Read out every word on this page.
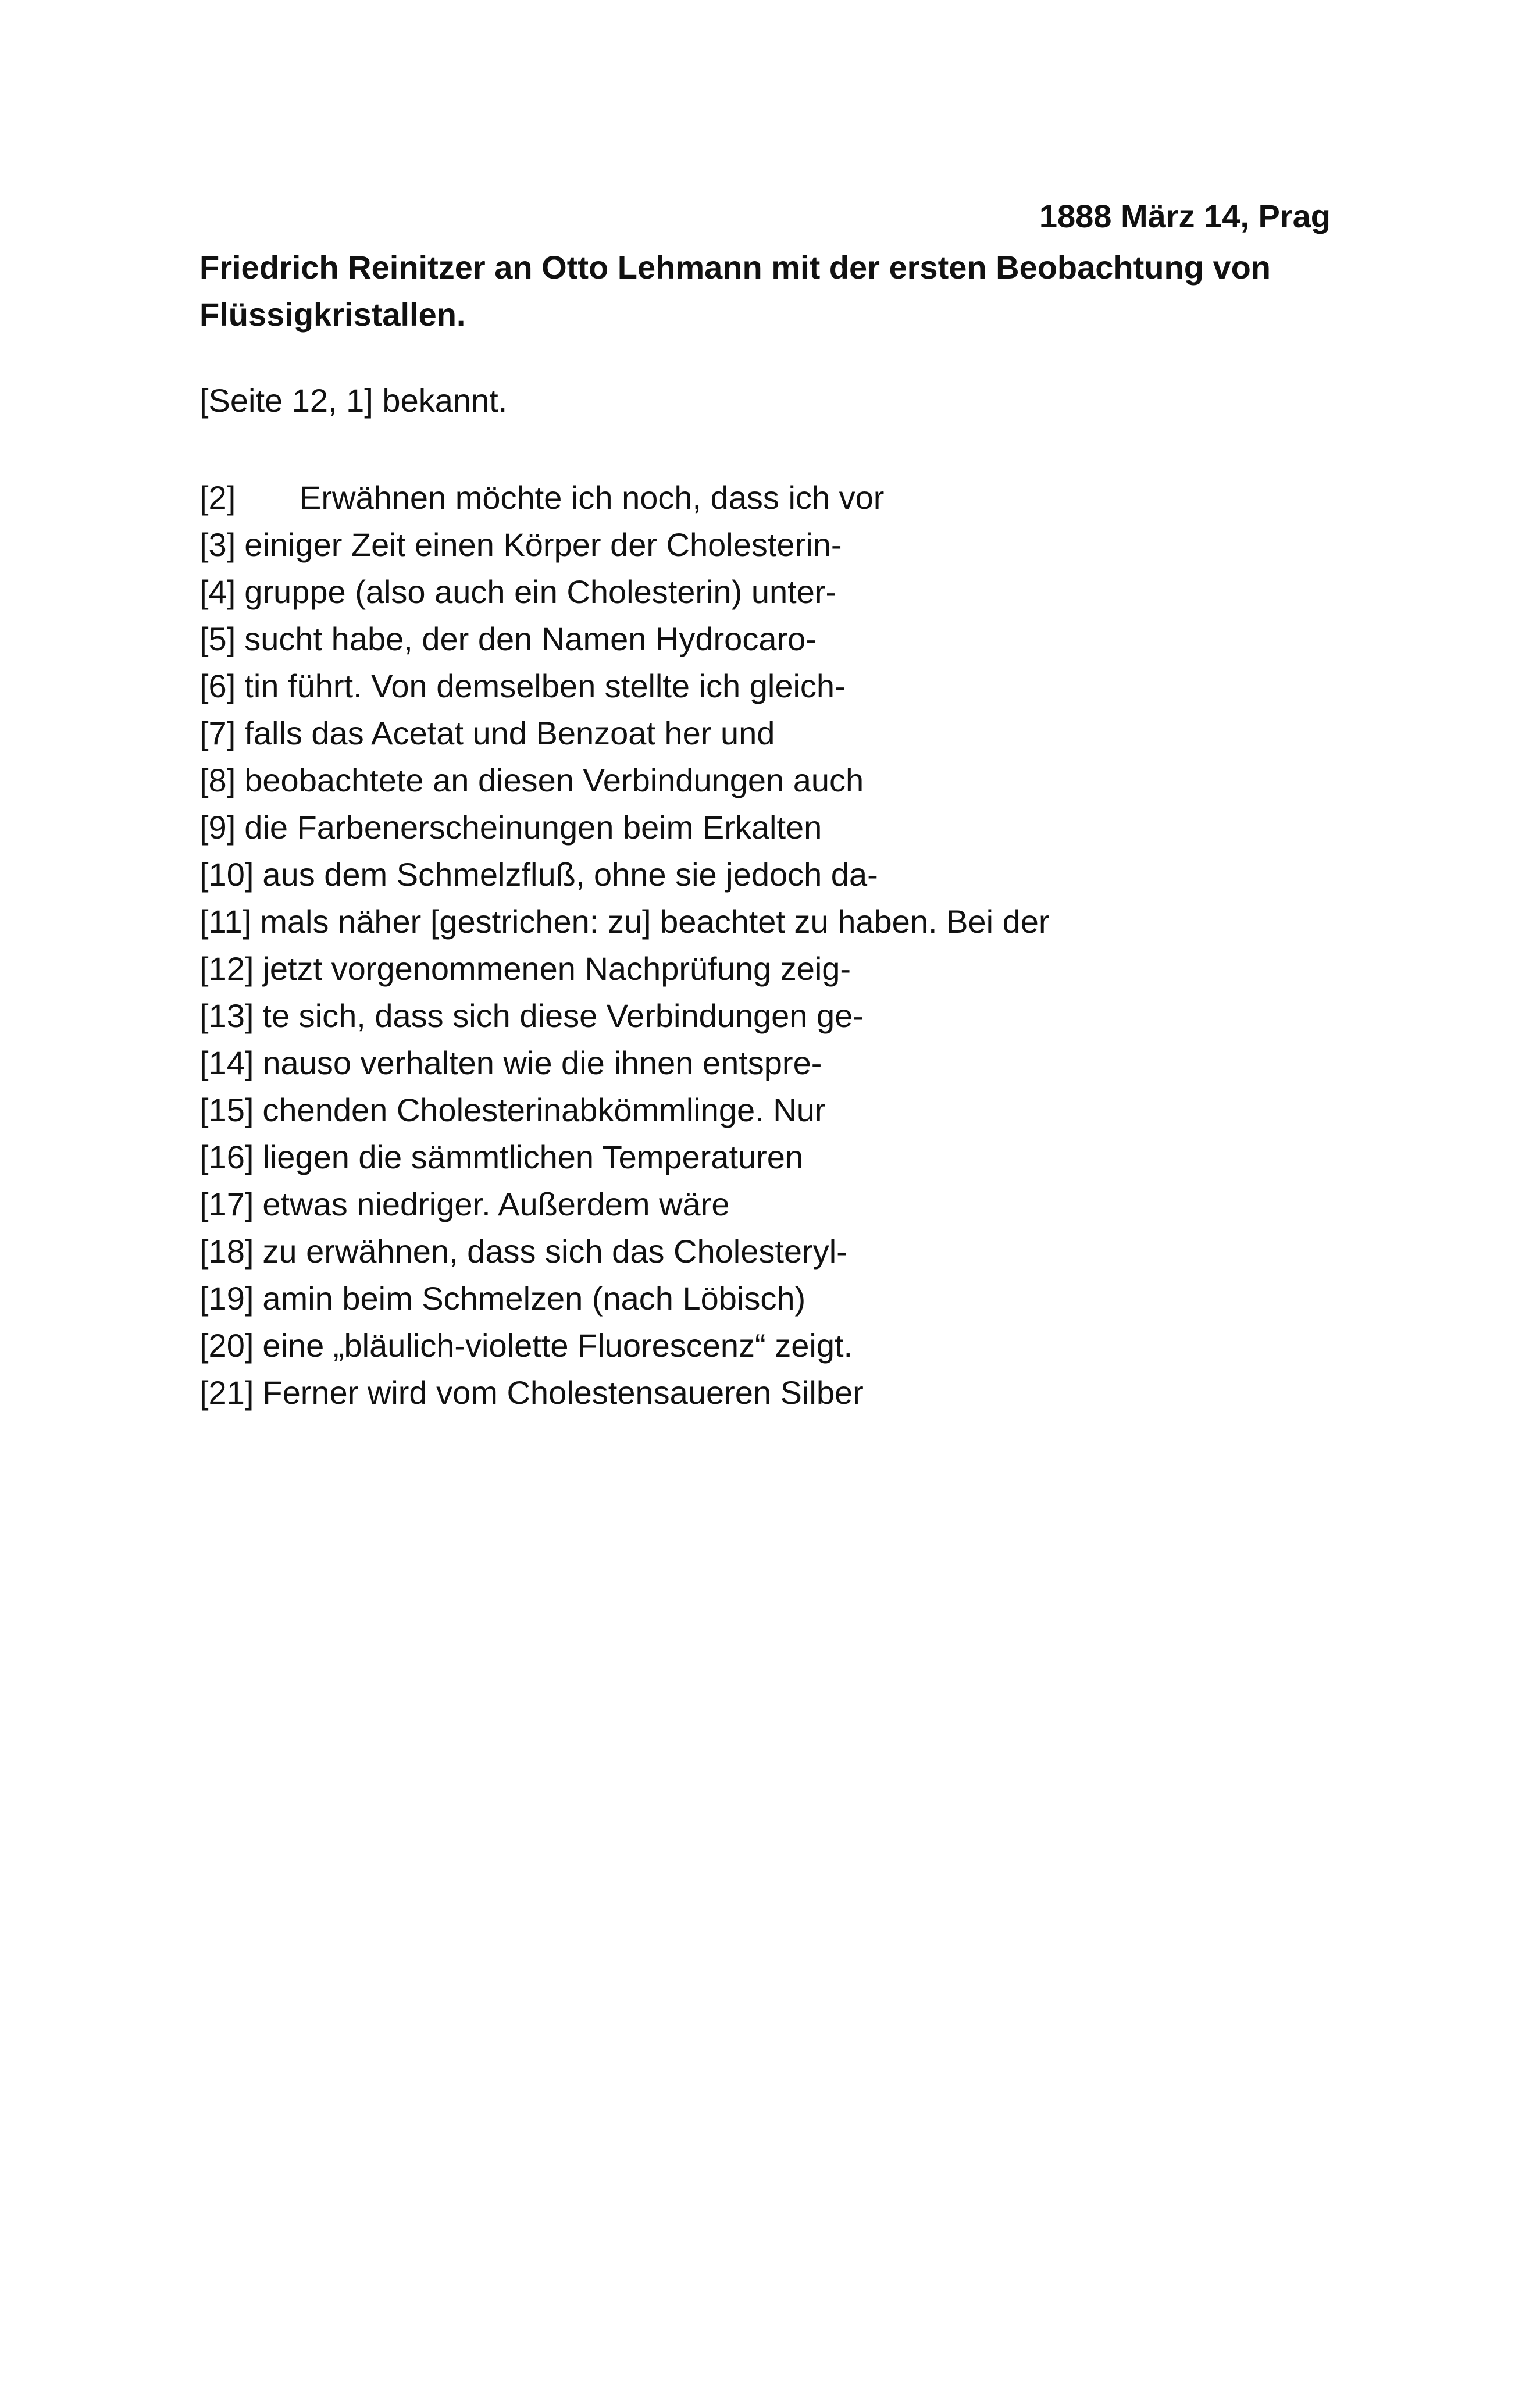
1888 März 14, Prag
Friedrich Reinitzer an Otto Lehmann mit der ersten Beobachtung von Flüssigkristallen.
[Seite 12, 1] bekannt.
[2] Erwähnen möchte ich noch, dass ich vor
[3] einiger Zeit einen Körper der Cholesterin-
[4] gruppe (also auch ein Cholesterin) unter-
[5] sucht habe, der den Namen Hydrocaro-
[6] tin führt. Von demselben stellte ich gleich-
[7] falls das Acetat und Benzoat her und
[8] beobachtete an diesen Verbindungen auch
[9] die Farbenerscheinungen beim Erkalten
[10] aus dem Schmelzfluß, ohne sie jedoch da-
[11] mals näher [gestrichen: zu] beachtet zu haben. Bei der
[12] jetzt vorgenommenen Nachprüfung zeig-
[13] te sich, dass sich diese Verbindungen ge-
[14] nauso verhalten wie die ihnen entspre-
[15] chenden Cholesterinabkömmlinge. Nur
[16] liegen die sämmtlichen Temperaturen
[17] etwas niedriger. Außerdem wäre
[18] zu erwähnen, dass sich das Cholesteryl-
[19] amin beim Schmelzen (nach Löbisch)
[20] eine „bläulich-violette Fluorescenz“ zeigt.
[21] Ferner wird vom Cholestensaueren Silber
